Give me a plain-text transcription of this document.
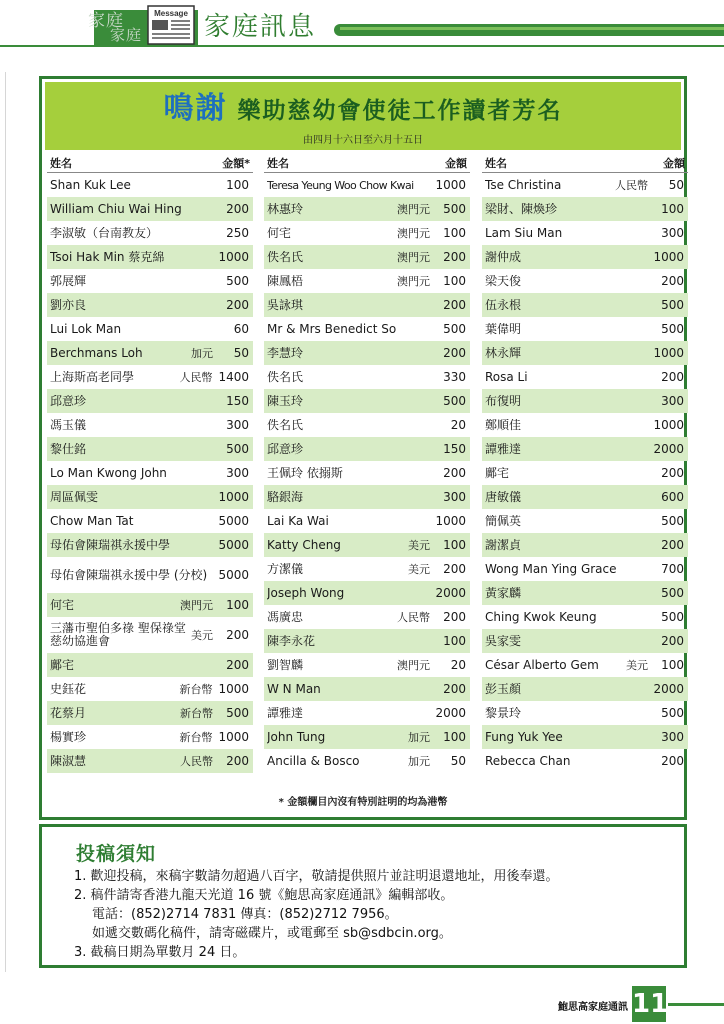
家庭
家庭
Message 家庭訊息
鳴謝 樂助慈幼會使徒工作讀者芳名
由四月十六日至六月十五日
姓名	金額*
Shan Kuk Lee	100
William Chiu Wai Hing	200
李淑敏（台南教友）	250
Tsoi Hak Min 蔡克綿	1000
郭展輝	500
劉亦良	200
Lui Lok Man	60
Berchmans Loh	加元	50
上海斯高老同學	人民幣 1400
邱意珍	150
馮玉儀	300
黎仕銘	500
Lo Man Kwong John	300
周區佩雯	1000
Chow Man Tat	5000
母佑會陳瑞祺永援中學	5000
母佑會陳瑞祺永援中學 (分校) 5000
何宅	澳門元	100
三藩市聖伯多祿 聖保祿堂慈幼協進會	美元	200
鄺宅	200
史鈺花	新台幣 1000
花蔡月	新台幣	500
楊實珍	新台幣 1000
陳淑慧	人民幣	200
姓名	金額
Teresa Yeung Woo Chow Kwai	1000
林惠玲	澳門元	500
何宅	澳門元	100
佚名氏	澳門元	200
陳鳳梧	澳門元	100
吳詠琪	200
Mr & Mrs Benedict So	500
李慧玲	200
佚名氏	330
陳玉玲	500
佚名氏	20
邱意珍	150
王佩玲 依搦斯	200
駱銀海	300
Lai Ka Wai	1000
Katty Cheng	美元	100
方潔儀	美元	200
Joseph Wong	2000
馮廣忠	人民幣	200
陳李永花	100
劉智麟	澳門元	20
W N Man	200
譚雅達	2000
John Tung	加元	100
Ancilla & Bosco	加元	50
姓名	金額
Tse Christina	人民幣	50
梁財、陳煥珍	100
Lam Siu Man	300
謝仲成	1000
梁天俊	200
伍永根	500
葉偉明	500
林永輝	1000
Rosa Li	200
布復明	300
鄭順佳	1000
譚雅達	2000
鄺宅	200
唐敏儀	600
簡佩英	500
謝潔貞	200
Wong Man Ying Grace	700
黃家麟	500
Ching Kwok Keung	500
吳家雯	200
César Alberto Gem	美元	100
彭玉顏	2000
黎景玲	500
Fung Yuk Yee	300
Rebecca Chan	200
* 金額欄目內沒有特別註明的均為港幣
投稿須知
1. 歡迎投稿，來稿字數請勿超過八百字，敬請提供照片並註明退還地址，用後奉還。
2. 稿件請寄香港九龍天光道 16 號《鮑思高家庭通訊》編輯部收。
電話：(852)2714 7831 傳真：(852)2712 7956。
如遞交數碼化稿件，請寄磁碟片，或電郵至 sb@sdbcin.org。
3. 截稿日期為單數月 24 日。
鮑思高家庭通訊 11
